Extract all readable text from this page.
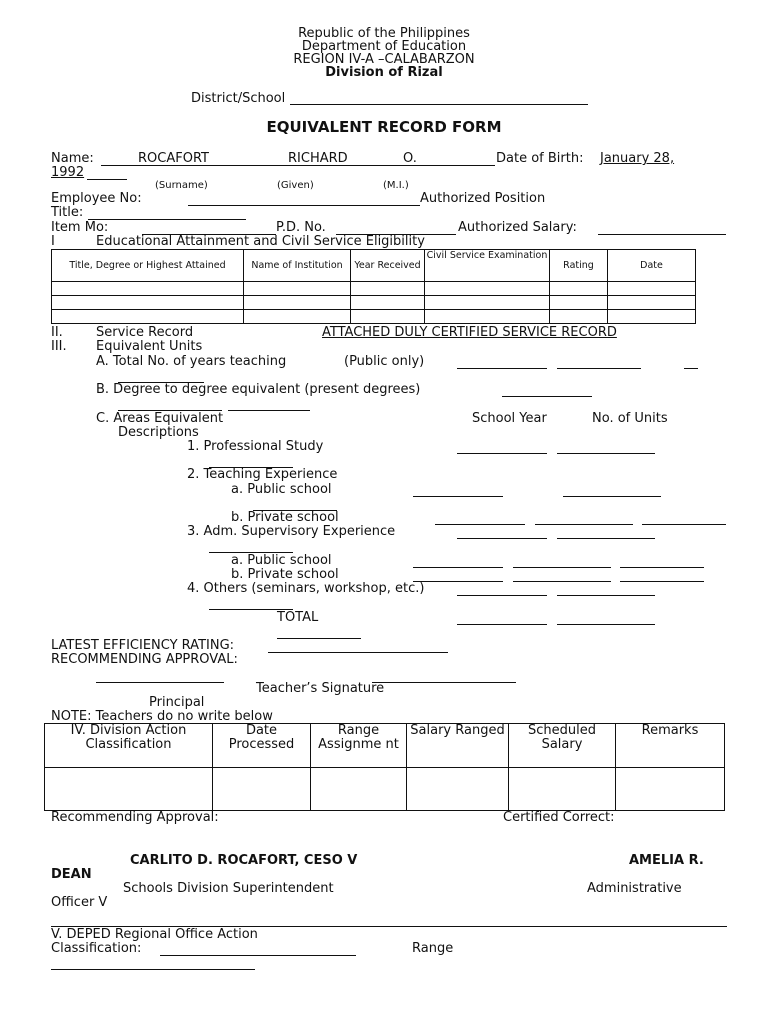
Republic of the Philippines
Department of Education
REGION IV-A –CALABARZON
Division of Rizal
District/School
EQUIVALENT RECORD FORM
Name:	ROCAFORT	RICHARD	O.	Date of Birth: January 28,
1992
(Surname)	(Given)	(M.I.)
Employee No:	Authorized Position
Title:
Item Mo:	P.D. No.	Authorized Salary:
I	Educational Attainment and Civil Service Eligibility
Title, Degree or Highest Attained	Name of Institution	Year Received	Civil Service Examination	Rating	Date

II.	Service Record	ATTACHED DULY CERTIFIED SERVICE RECORD
III. Equivalent Units
A. Total No. of years teaching	(Public only)
B. Degree to degree equivalent (present degrees)
C. Areas Equivalent
Descriptions
School Year	No. of Units
1. Professional Study
2. Teaching Experience
a. Public school
b. Private school
3. Adm. Supervisory Experience
a. Public school
b. Private school
4. Others (seminars, workshop, etc.)
TOTAL
LATEST EFFICIENCY RATING:
RECOMMENDING APPROVAL:
Teacher’s Signature
Principal
NOTE: Teachers do no write below
IV. Division Action Classification	Date Processed	Range Assignme nt	Salary Ranged	Scheduled Salary	Remarks

Recommending Approval:	Certified Correct:
CARLITO D. ROCAFORT, CESO V	AMELIA R.
DEAN
Schools Division Superintendent	Administrative
Officer V
V. DEPED Regional Office Action
Classification:	Range
